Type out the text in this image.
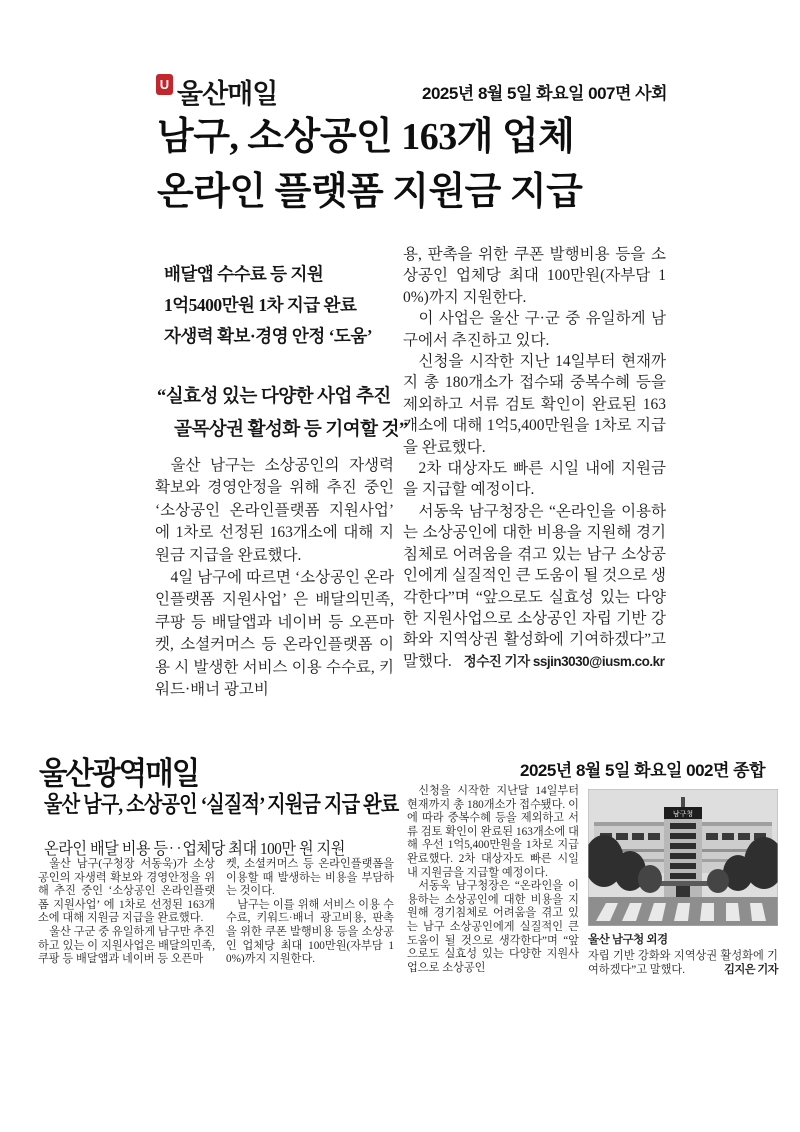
U 울산매일	2025년 8월 5일 화요일 007면 사회
남구, 소상공인 163개 업체
온라인 플랫폼 지원금 지급
배달앱 수수료 등 지원
1억5400만원 1차 지급 완료
자생력 확보·경영 안정 ‘도움’
“실효성 있는 다양한 사업 추진
골목상권 활성화 등 기여할 것”

울산 남구는 소상공인의 자생력 확보와 경영안정을 위해 추진 중인 ‘소상공인 온라인플랫폼 지원사업’ 에 1차로 선정된 163개소에 대해 지원금 지급을 완료했다.

4일 남구에 따르면 ‘소상공인 온라인플랫폼 지원사업’ 은 배달의민족, 쿠팡 등 배달앱과 네이버 등 오픈마켓, 소셜커머스 등 온라인플랫폼 이용 시 발생한 서비스 이용 수수료, 키워드·배너 광고비

용, 판촉을 위한 쿠폰 발행비용 등을 소상공인 업체당 최대 100만원(자부담 10%)까지 지원한다.

이 사업은 울산 구·군 중 유일하게 남구에서 추진하고 있다.

신청을 시작한 지난 14일부터 현재까지 총 180개소가 접수돼 중복수혜 등을 제외하고 서류 검토 확인이 완료된 163개소에 대해 1억5,400만원을 1차로 지급을 완료했다.

2차 대상자도 빠른 시일 내에 지원금을 지급할 예정이다.

서동욱 남구청장은 “온라인을 이용하는 소상공인에 대한 비용을 지원해 경기침체로 어려움을 겪고 있는 남구 소상공인에게 실질적인 큰 도움이 될 것으로 생각한다”며 “앞으로도 실효성 있는 다양한 지원사업으로 소상공인 자립 기반 강화와 지역상권 활성화에 기여하겠다”고 말했다. 정수진 기자 ssjin3030@iusm.co.kr

울산광역매일	2025년 8월 5일 화요일 002면 종합
울산 남구, 소상공인 ‘실질적’ 지원금 지급 완료
온라인 배달 비용 등‥업체당 최대 100만 원 지원

울산 남구(구청장 서동욱)가 소상공인의 자생력 확보와 경영안정을 위해 추진 중인 ‘소상공인 온라인플랫폼 지원사업’ 에 1차로 선정된 163개소에 대해 지원금 지급을 완료했다.

울산 구군 중 유일하게 남구만 추진하고 있는 이 지원사업은 배달의민족, 쿠팡 등 배달앱과 네이버 등 오픈마

켓, 소셜커머스 등 온라인플랫폼을 이용할 때 발생하는 비용을 부담하는 것이다.

남구는 이를 위해 서비스 이용 수수료, 키워드·배너 광고비용, 판촉을 위한 쿠폰 발행비용 등을 소상공인 업체당 최대 100만원(자부담 10%)까지 지원한다.

신청을 시작한 지난달 14일부터 현재까지 총 180개소가 접수됐다. 이에 따라 중복수혜 등을 제외하고 서류 검토 확인이 완료된 163개소에 대해 우선 1억5,400만원을 1차로 지급 완료했다. 2차 대상자도 빠른 시일 내 지원금을 지급할 예정이다.

서동욱 남구청장은 “온라인을 이용하는 소상공인에 대한 비용을 지원해 경기침체로 어려움을 겪고 있는 남구 소상공인에게 실질적인 큰 도움이 될 것으로 생각한다”며 “앞으로도 실효성 있는 다양한 지원사업으로 소상공인

남구청
울산 남구청 외경

자립 기반 강화와 지역상권 활성화에 기여하겠다”고 말했다.	김지은 기자
